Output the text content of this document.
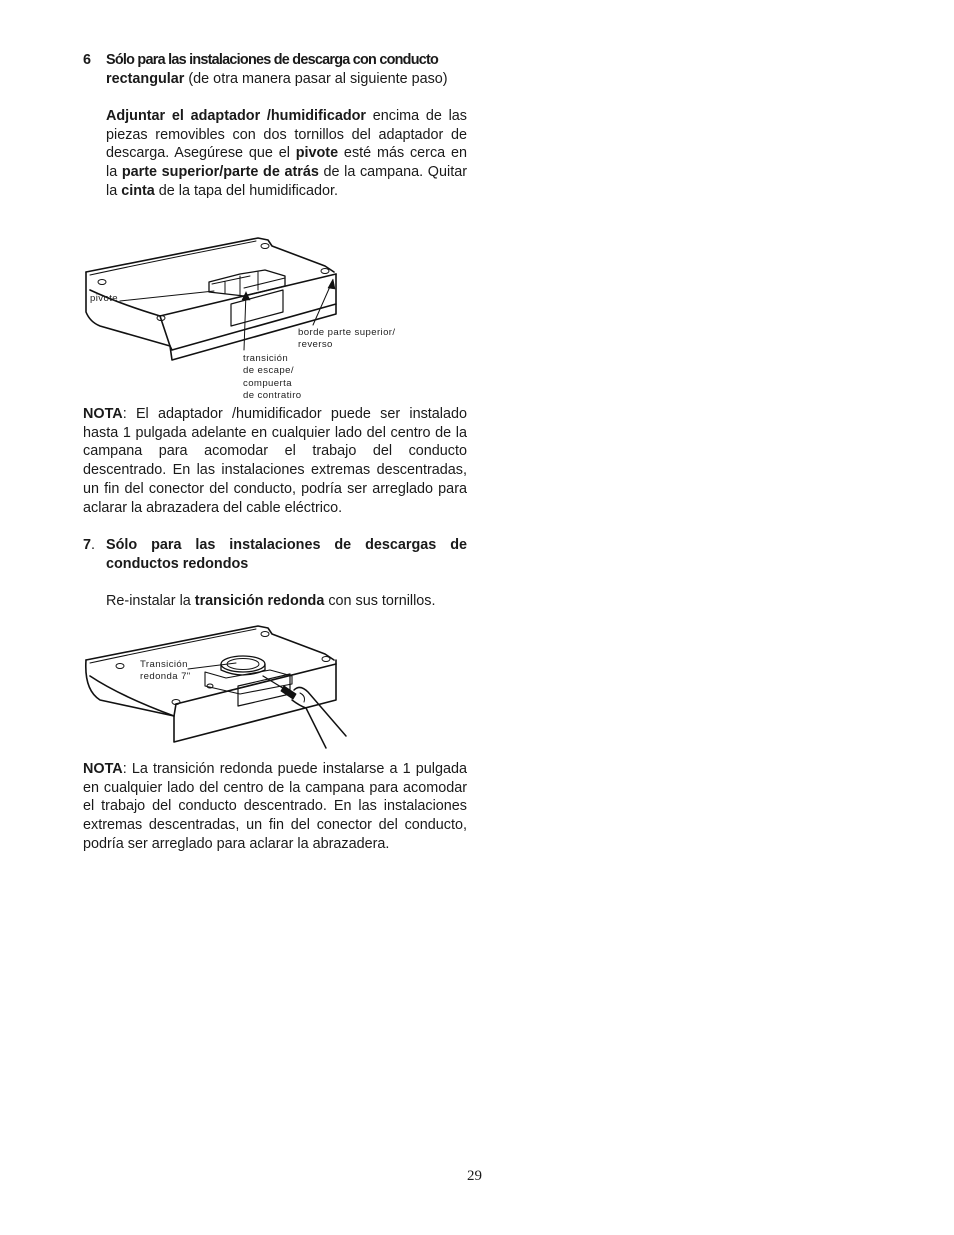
6 Sólo para las instalaciones de descarga con conducto
rectangular (de otra manera pasar al siguiente paso)
Adjuntar el adaptador /humidificador encima de las piezas removibles con dos tornillos del adaptador de descarga. Asegúrese que el pivote esté más cerca en la parte superior/parte de atrás de la campana. Quitar la cinta de la tapa del humidificador.
pivote
borde parte superior/
reverso
transición
de escape/
compuerta
de contratiro
NOTA: El adaptador /humidificador puede ser instalado hasta 1 pulgada adelante en cualquier lado del centro de la campana para acomodar el trabajo del conducto descentrado. En las instalaciones extremas descentradas, un fin del conector del conducto, podría ser arreglado para aclarar la abrazadera del cable eléctrico.
7. Sólo para las instalaciones de descargas de conductos redondos
Re-instalar la transición redonda con sus tornillos.
Transición
redonda 7"
NOTA: La transición redonda puede instalarse a 1 pulgada en cualquier lado del centro de la campana para acomodar el trabajo del conducto descentrado. En las instalaciones extremas descentradas, un fin del conector del conducto, podría ser arreglado para aclarar la abrazadera.
29
